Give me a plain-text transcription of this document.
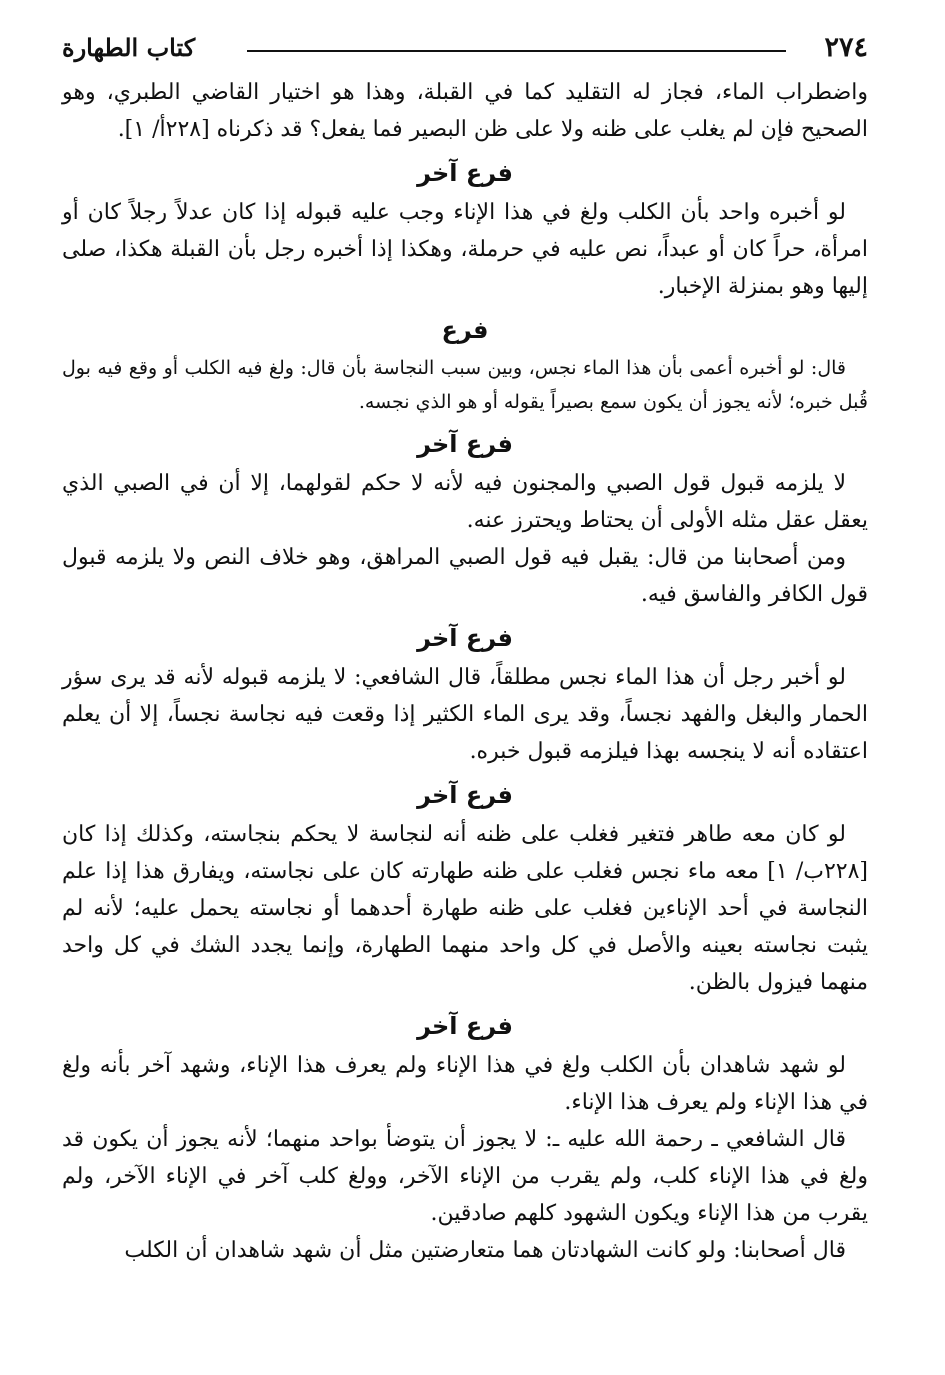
٢٧٤
كتاب الطهارة

واضطراب الماء، فجاز له التقليد كما في القبلة، وهذا هو اختيار القاضي الطبري، وهو الصحيح فإن لم يغلب على ظنه ولا على ظن البصير فما يفعل؟ قد ذكرناه [٢٢٨أ/ ١].

فرع آخر

لو أخبره واحد بأن الكلب ولغ في هذا الإناء وجب عليه قبوله إذا كان عدلاً رجلاً كان أو امرأة، حراً كان أو عبداً، نص عليه في حرملة، وهكذا إذا أخبره رجل بأن القبلة هكذا، صلى إليها وهو بمنزلة الإخبار.

فرع

قال: لو أخبره أعمى بأن هذا الماء نجس، وبين سبب النجاسة بأن قال: ولغ فيه الكلب أو وقع فيه بول قُبل خبره؛ لأنه يجوز أن يكون سمع بصيراً يقوله أو هو الذي نجسه.

فرع آخر

لا يلزمه قبول قول الصبي والمجنون فيه لأنه لا حكم لقولهما، إلا أن في الصبي الذي يعقل عقل مثله الأولى أن يحتاط ويحترز عنه.

ومن أصحابنا من قال: يقبل فيه قول الصبي المراهق، وهو خلاف النص ولا يلزمه قبول قول الكافر والفاسق فيه.

فرع آخر

لو أخبر رجل أن هذا الماء نجس مطلقاً، قال الشافعي: لا يلزمه قبوله لأنه قد يرى سؤر الحمار والبغل والفهد نجساً، وقد يرى الماء الكثير إذا وقعت فيه نجاسة نجساً، إلا أن يعلم اعتقاده أنه لا ينجسه بهذا فيلزمه قبول خبره.

فرع آخر

لو كان معه طاهر فتغير فغلب على ظنه أنه لنجاسة لا يحكم بنجاسته، وكذلك إذا كان [٢٢٨ب/ ١] معه ماء نجس فغلب على ظنه طهارته كان على نجاسته، ويفارق هذا إذا علم النجاسة في أحد الإناءين فغلب على ظنه طهارة أحدهما أو نجاسته يحمل عليه؛ لأنه لم يثبت نجاسته بعينه والأصل في كل واحد منهما الطهارة، وإنما يجدد الشك في كل واحد منهما فيزول بالظن.

فرع آخر

لو شهد شاهدان بأن الكلب ولغ في هذا الإناء ولم يعرف هذا الإناء، وشهد آخر بأنه ولغ في هذا الإناء ولم يعرف هذا الإناء.

قال الشافعي ـ رحمة الله عليه ـ: لا يجوز أن يتوضأ بواحد منهما؛ لأنه يجوز أن يكون قد ولغ في هذا الإناء كلب، ولم يقرب من الإناء الآخر، وولغ كلب آخر في الإناء الآخر، ولم يقرب من هذا الإناء ويكون الشهود كلهم صادقين.

قال أصحابنا: ولو كانت الشهادتان هما متعارضتين مثل أن شهد شاهدان أن الكلب
